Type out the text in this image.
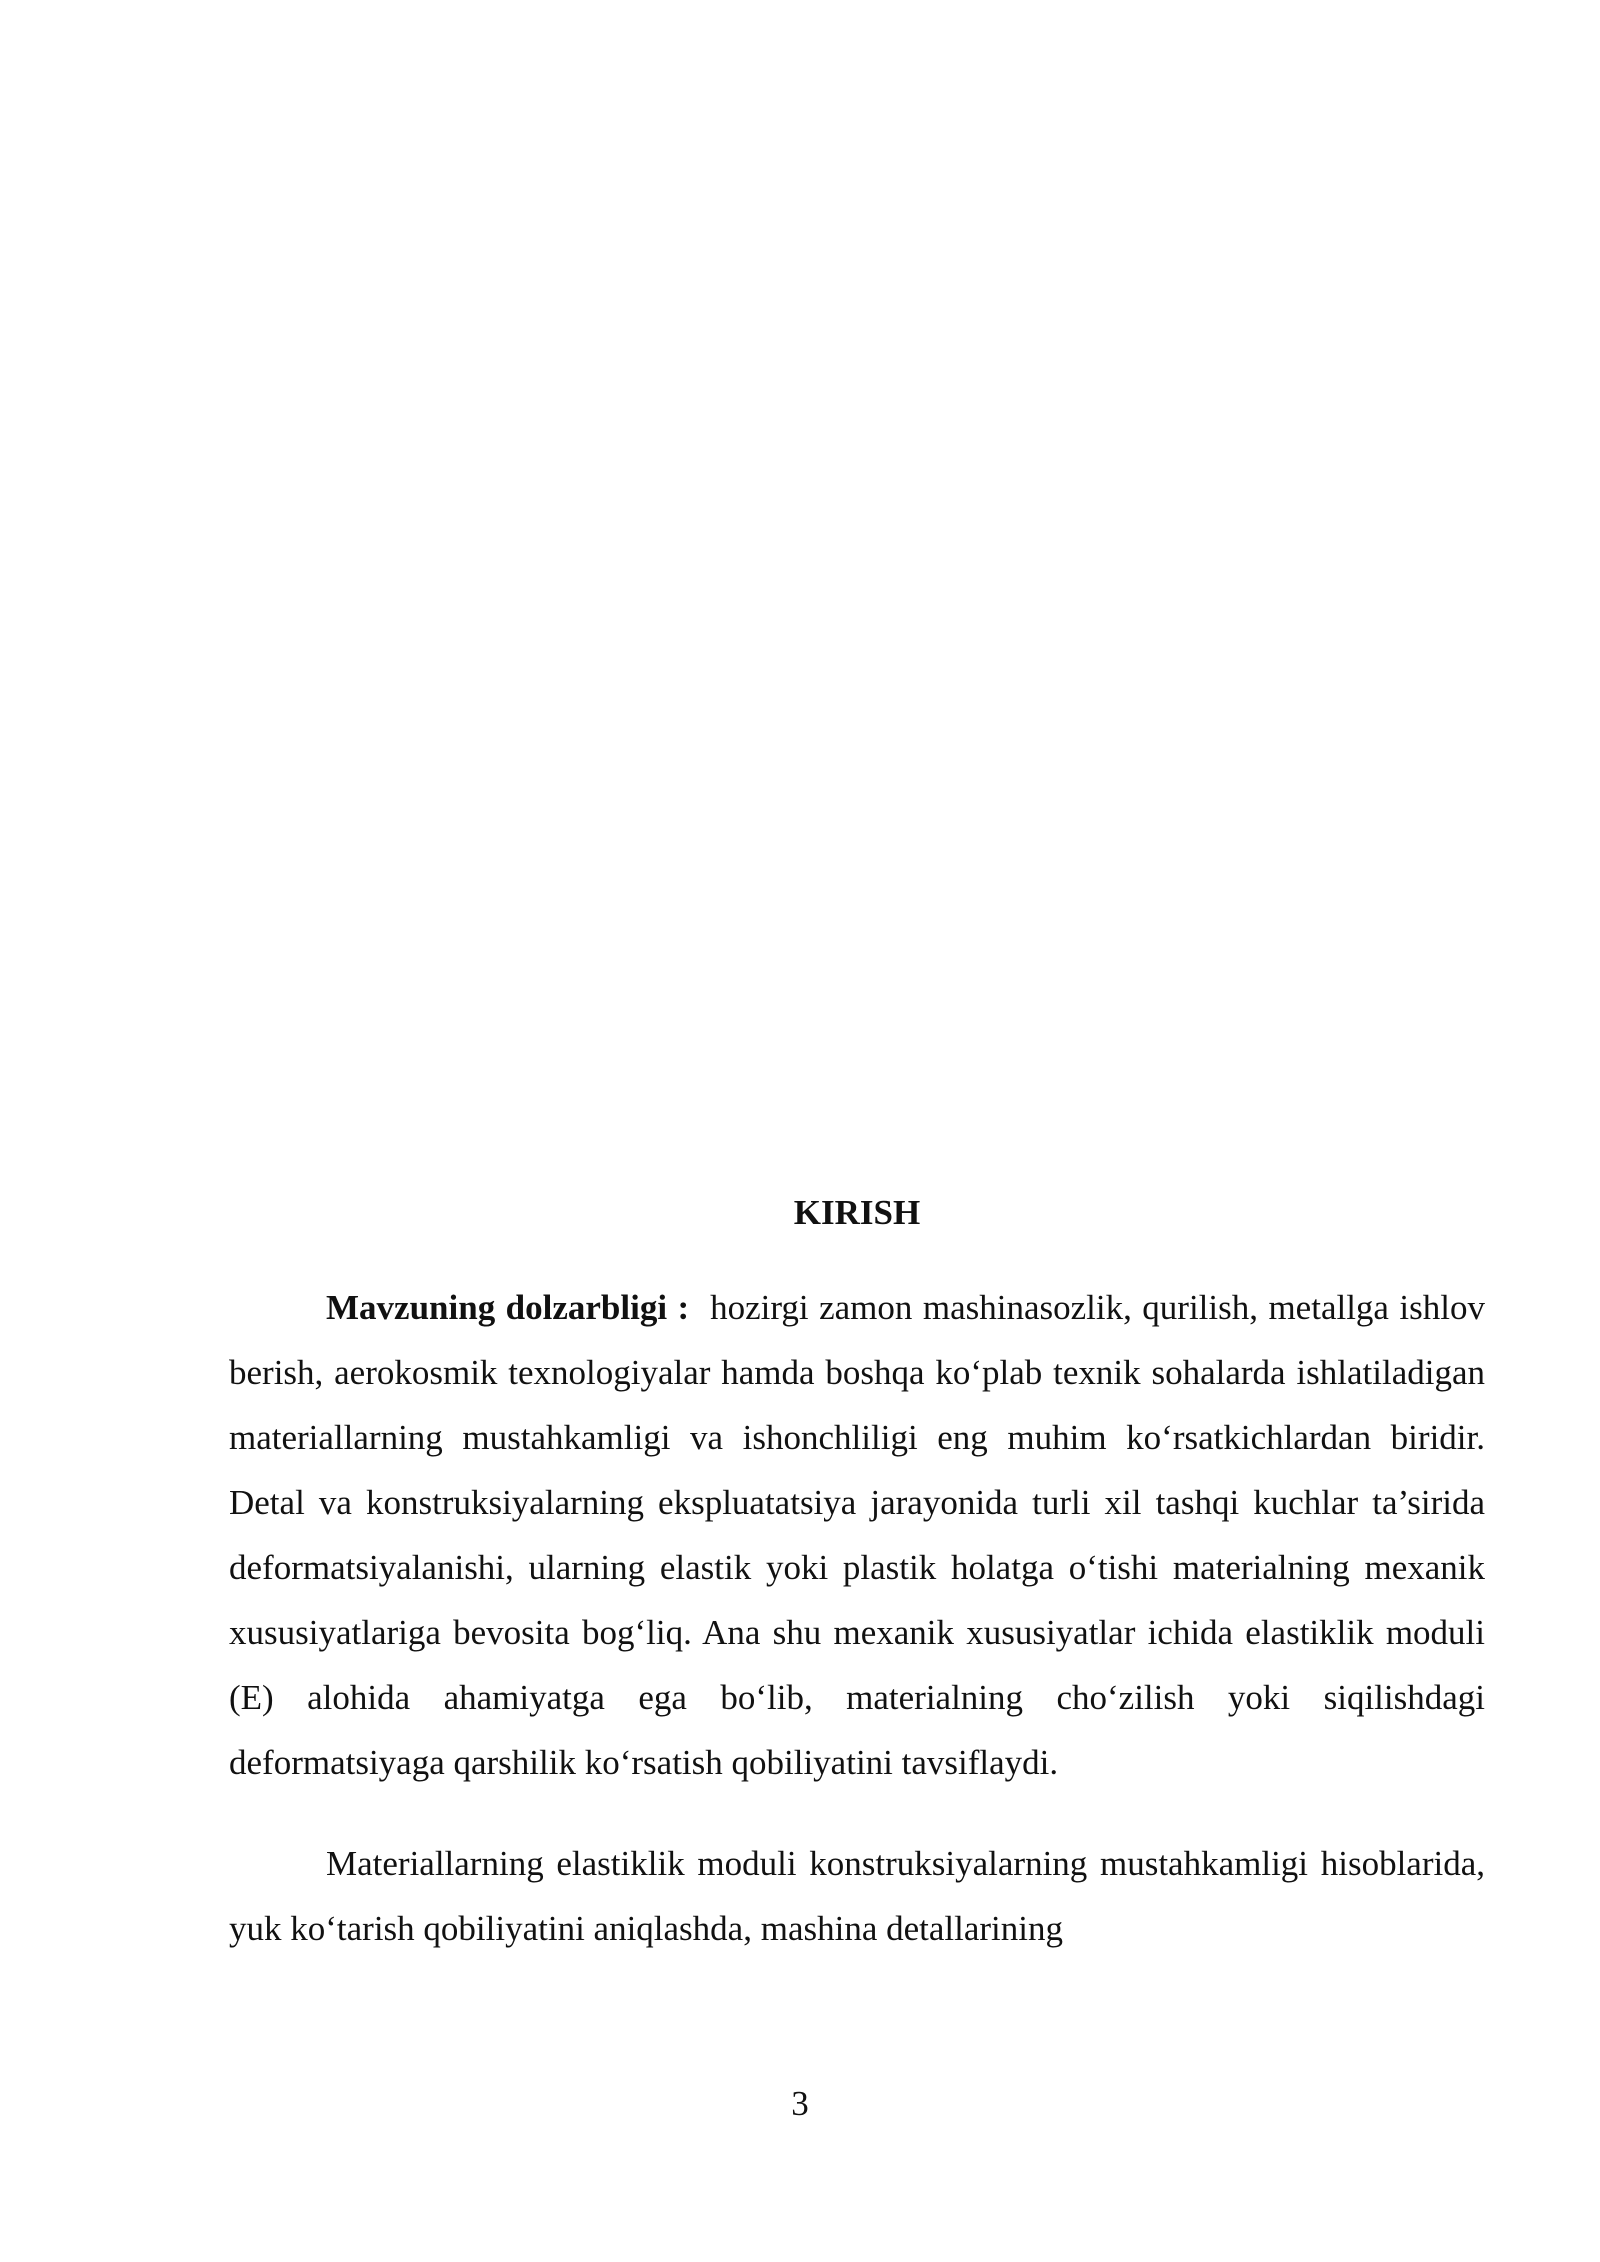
KIRISH

Mavzuning dolzarbligi : hozirgi zamon mashinasozlik, qurilish, metallga ishlov berish, aerokosmik texnologiyalar hamda boshqa ko‘plab texnik sohalarda ishlatiladigan materiallarning mustahkamligi va ishonchliligi eng muhim ko‘rsatkichlardan biridir. Detal va konstruksiyalarning ekspluatatsiya jarayonida turli xil tashqi kuchlar ta’sirida deformatsiyalanishi, ularning elastik yoki plastik holatga o‘tishi materialning mexanik xususiyatlariga bevosita bog‘liq. Ana shu mexanik xususiyatlar ichida elastiklik moduli (E) alohida ahamiyatga ega bo‘lib, materialning cho‘zilish yoki siqilishdagi deformatsiyaga qarshilik ko‘rsatish qobiliyatini tavsiflaydi.

Materiallarning elastiklik moduli konstruksiyalarning mustahkamligi hisoblarida, yuk ko‘tarish qobiliyatini aniqlashda, mashina detallarining

3
